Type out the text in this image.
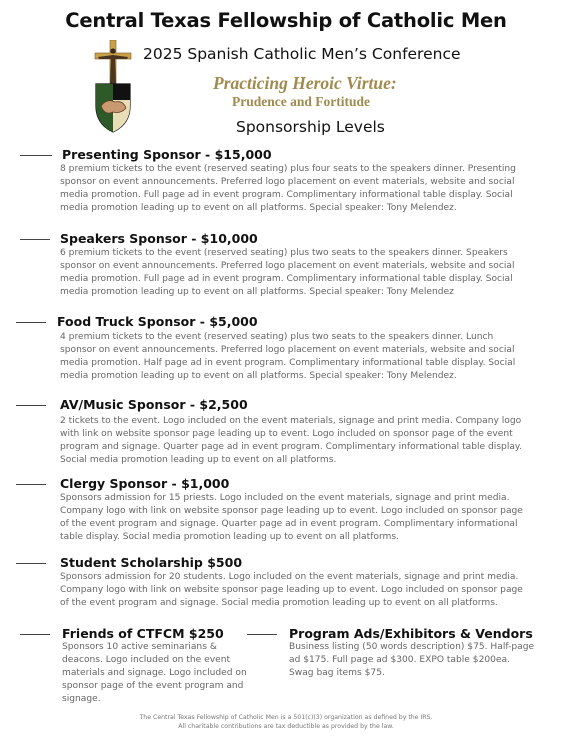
Central Texas Fellowship of Catholic Men
2025 Spanish Catholic Men’s Conference
Practicing Heroic Virtue:
Prudence and Fortitude
Sponsorship Levels
Presenting Sponsor - $15,000
8 premium tickets to the event (reserved seating) plus four seats to the speakers dinner. Presenting
sponsor on event announcements. Preferred logo placement on event materials, website and social
media promotion. Full page ad in event program. Complimentary informational table display. Social
media promotion leading up to event on all platforms. Special speaker: Tony Melendez.
Speakers Sponsor - $10,000
6 premium tickets to the event (reserved seating) plus two seats to the speakers dinner. Speakers
sponsor on event announcements. Preferred logo placement on event materials, website and social
media promotion. Full page ad in event program. Complimentary informational table display. Social
media promotion leading up to event on all platforms. Special speaker: Tony Melendez
Food Truck Sponsor - $5,000
4 premium tickets to the event (reserved seating) plus two seats to the speakers dinner. Lunch
sponsor on event announcements. Preferred logo placement on event materials, website and social
media promotion. Half page ad in event program. Complimentary informational table display. Social
media promotion leading up to event on all platforms. Special speaker: Tony Melendez.
AV/Music Sponsor - $2,500
2 tickets to the event. Logo included on the event materials, signage and print media. Company logo
with link on website sponsor page leading up to event. Logo included on sponsor page of the event
program and signage. Quarter page ad in event program. Complimentary informational table display.
Social media promotion leading up to event on all platforms.
Clergy Sponsor - $1,000
Sponsors admission for 15 priests. Logo included on the event materials, signage and print media.
Company logo with link on website sponsor page leading up to event. Logo included on sponsor page
of the event program and signage. Quarter page ad in event program. Complimentary informational
table display. Social media promotion leading up to event on all platforms.
Student Scholarship $500
Sponsors admission for 20 students. Logo included on the event materials, signage and print media.
Company logo with link on website sponsor page leading up to event. Logo included on sponsor page
of the event program and signage. Social media promotion leading up to event on all platforms.
Friends of CTFCM $250
Sponsors 10 active seminarians &
deacons. Logo included on the event
materials and signage. Logo included on
sponsor page of the event program and
signage.
Program Ads/Exhibitors & Vendors
Business listing (50 words description) $75. Half-page
ad $175. Full page ad $300. EXPO table $200ea.
Swag bag items $75.
The Central Texas Fellowship of Catholic Men is a 501(c)(3) organization as defined by the IRS.
All charitable contributions are tax deductible as provided by the law.
